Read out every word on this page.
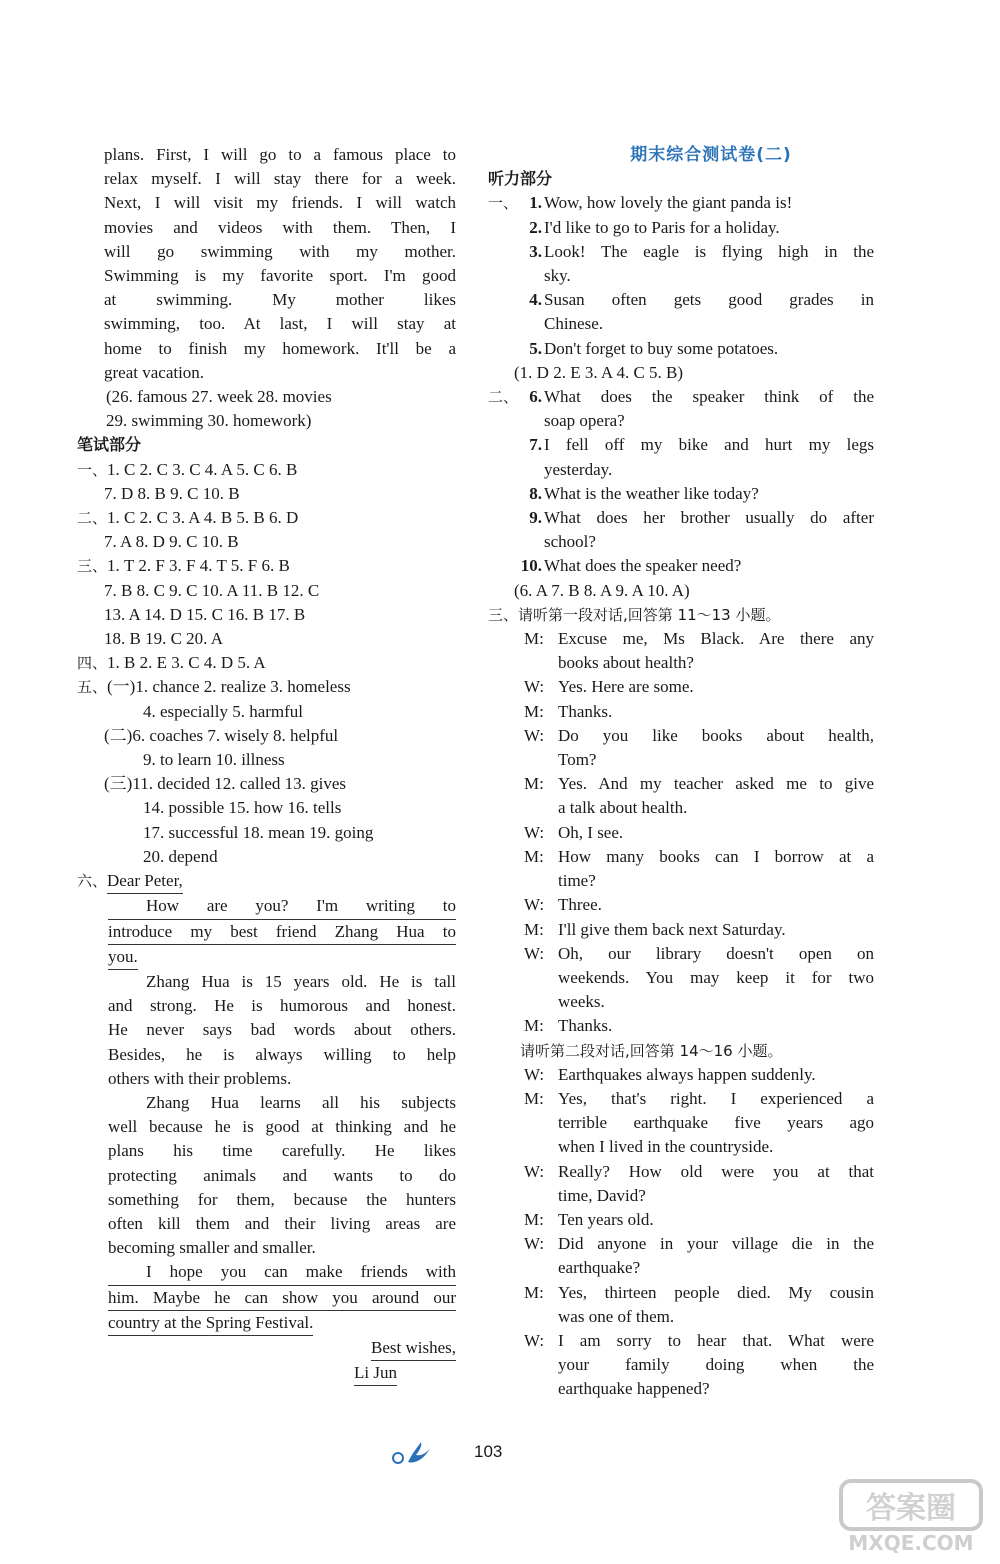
plans. First, I will go to a famous place to
relax myself. I will stay there for a week.
Next, I will visit my friends. I will watch
movies and videos with them. Then, I
will go swimming with my mother.
Swimming is my favorite sport. I'm good
at swimming. My mother likes
swimming, too. At last, I will stay at
home to finish my homework. It'll be a
great vacation.
(26. famous 27. week 28. movies
29. swimming 30. homework)
笔试部分
一、1. C 2. C 3. C 4. A 5. C 6. B
7. D 8. B 9. C 10. B
二、1. C 2. C 3. A 4. B 5. B 6. D
7. A 8. D 9. C 10. B
三、1. T 2. F 3. F 4. T 5. F 6. B
7. B 8. C 9. C 10. A 11. B 12. C
13. A 14. D 15. C 16. B 17. B
18. B 19. C 20. A
四、1. B 2. E 3. C 4. D 5. A
五、(一)1. chance 2. realize 3. homeless
4. especially 5. harmful
(二)6. coaches 7. wisely 8. helpful
9. to learn 10. illness
(三)11. decided 12. called 13. gives
14. possible 15. how 16. tells
17. successful 18. mean 19. going
20. depend
六、Dear Peter,
How are you? I'm writing to
introduce my best friend Zhang Hua to
you.
Zhang Hua is 15 years old. He is tall
and strong. He is humorous and honest.
He never says bad words about others.
Besides, he is always willing to help
others with their problems.
Zhang Hua learns all his subjects
well because he is good at thinking and he
plans his time carefully. He likes
protecting animals and wants to do
something for them, because the hunters
often kill them and their living areas are
becoming smaller and smaller.
I hope you can make friends with
him. Maybe he can show you around our
country at the Spring Festival.
Best wishes,
Li Jun
期末综合测试卷(二)
听力部分
一、 1. Wow, how lovely the giant panda is!
2. I'd like to go to Paris for a holiday.
3. Look! The eagle is flying high in the
sky.
4. Susan often gets good grades in
Chinese.
5. Don't forget to buy some potatoes.
(1. D 2. E 3. A 4. C 5. B)
二、 6. What does the speaker think of the
soap opera?
7. I fell off my bike and hurt my legs
yesterday.
8. What is the weather like today?
9. What does her brother usually do after
school?
10. What does the speaker need?
(6. A 7. B 8. A 9. A 10. A)
三、请听第一段对话,回答第 11～13 小题。
M: Excuse me, Ms Black. Are there any
books about health?
W: Yes. Here are some.
M: Thanks.
W: Do you like books about health,
Tom?
M: Yes. And my teacher asked me to give
a talk about health.
W: Oh, I see.
M: How many books can I borrow at a
time?
W: Three.
M: I'll give them back next Saturday.
W: Oh, our library doesn't open on
weekends. You may keep it for two
weeks.
M: Thanks.
请听第二段对话,回答第 14～16 小题。
W: Earthquakes always happen suddenly.
M: Yes, that's right. I experienced a
terrible earthquake five years ago
when I lived in the countryside.
W: Really? How old were you at that
time, David?
M: Ten years old.
W: Did anyone in your village die in the
earthquake?
M: Yes, thirteen people died. My cousin
was one of them.
W: I am sorry to hear that. What were
your family doing when the
earthquake happened?
103
答案圈
MXQE.COM
